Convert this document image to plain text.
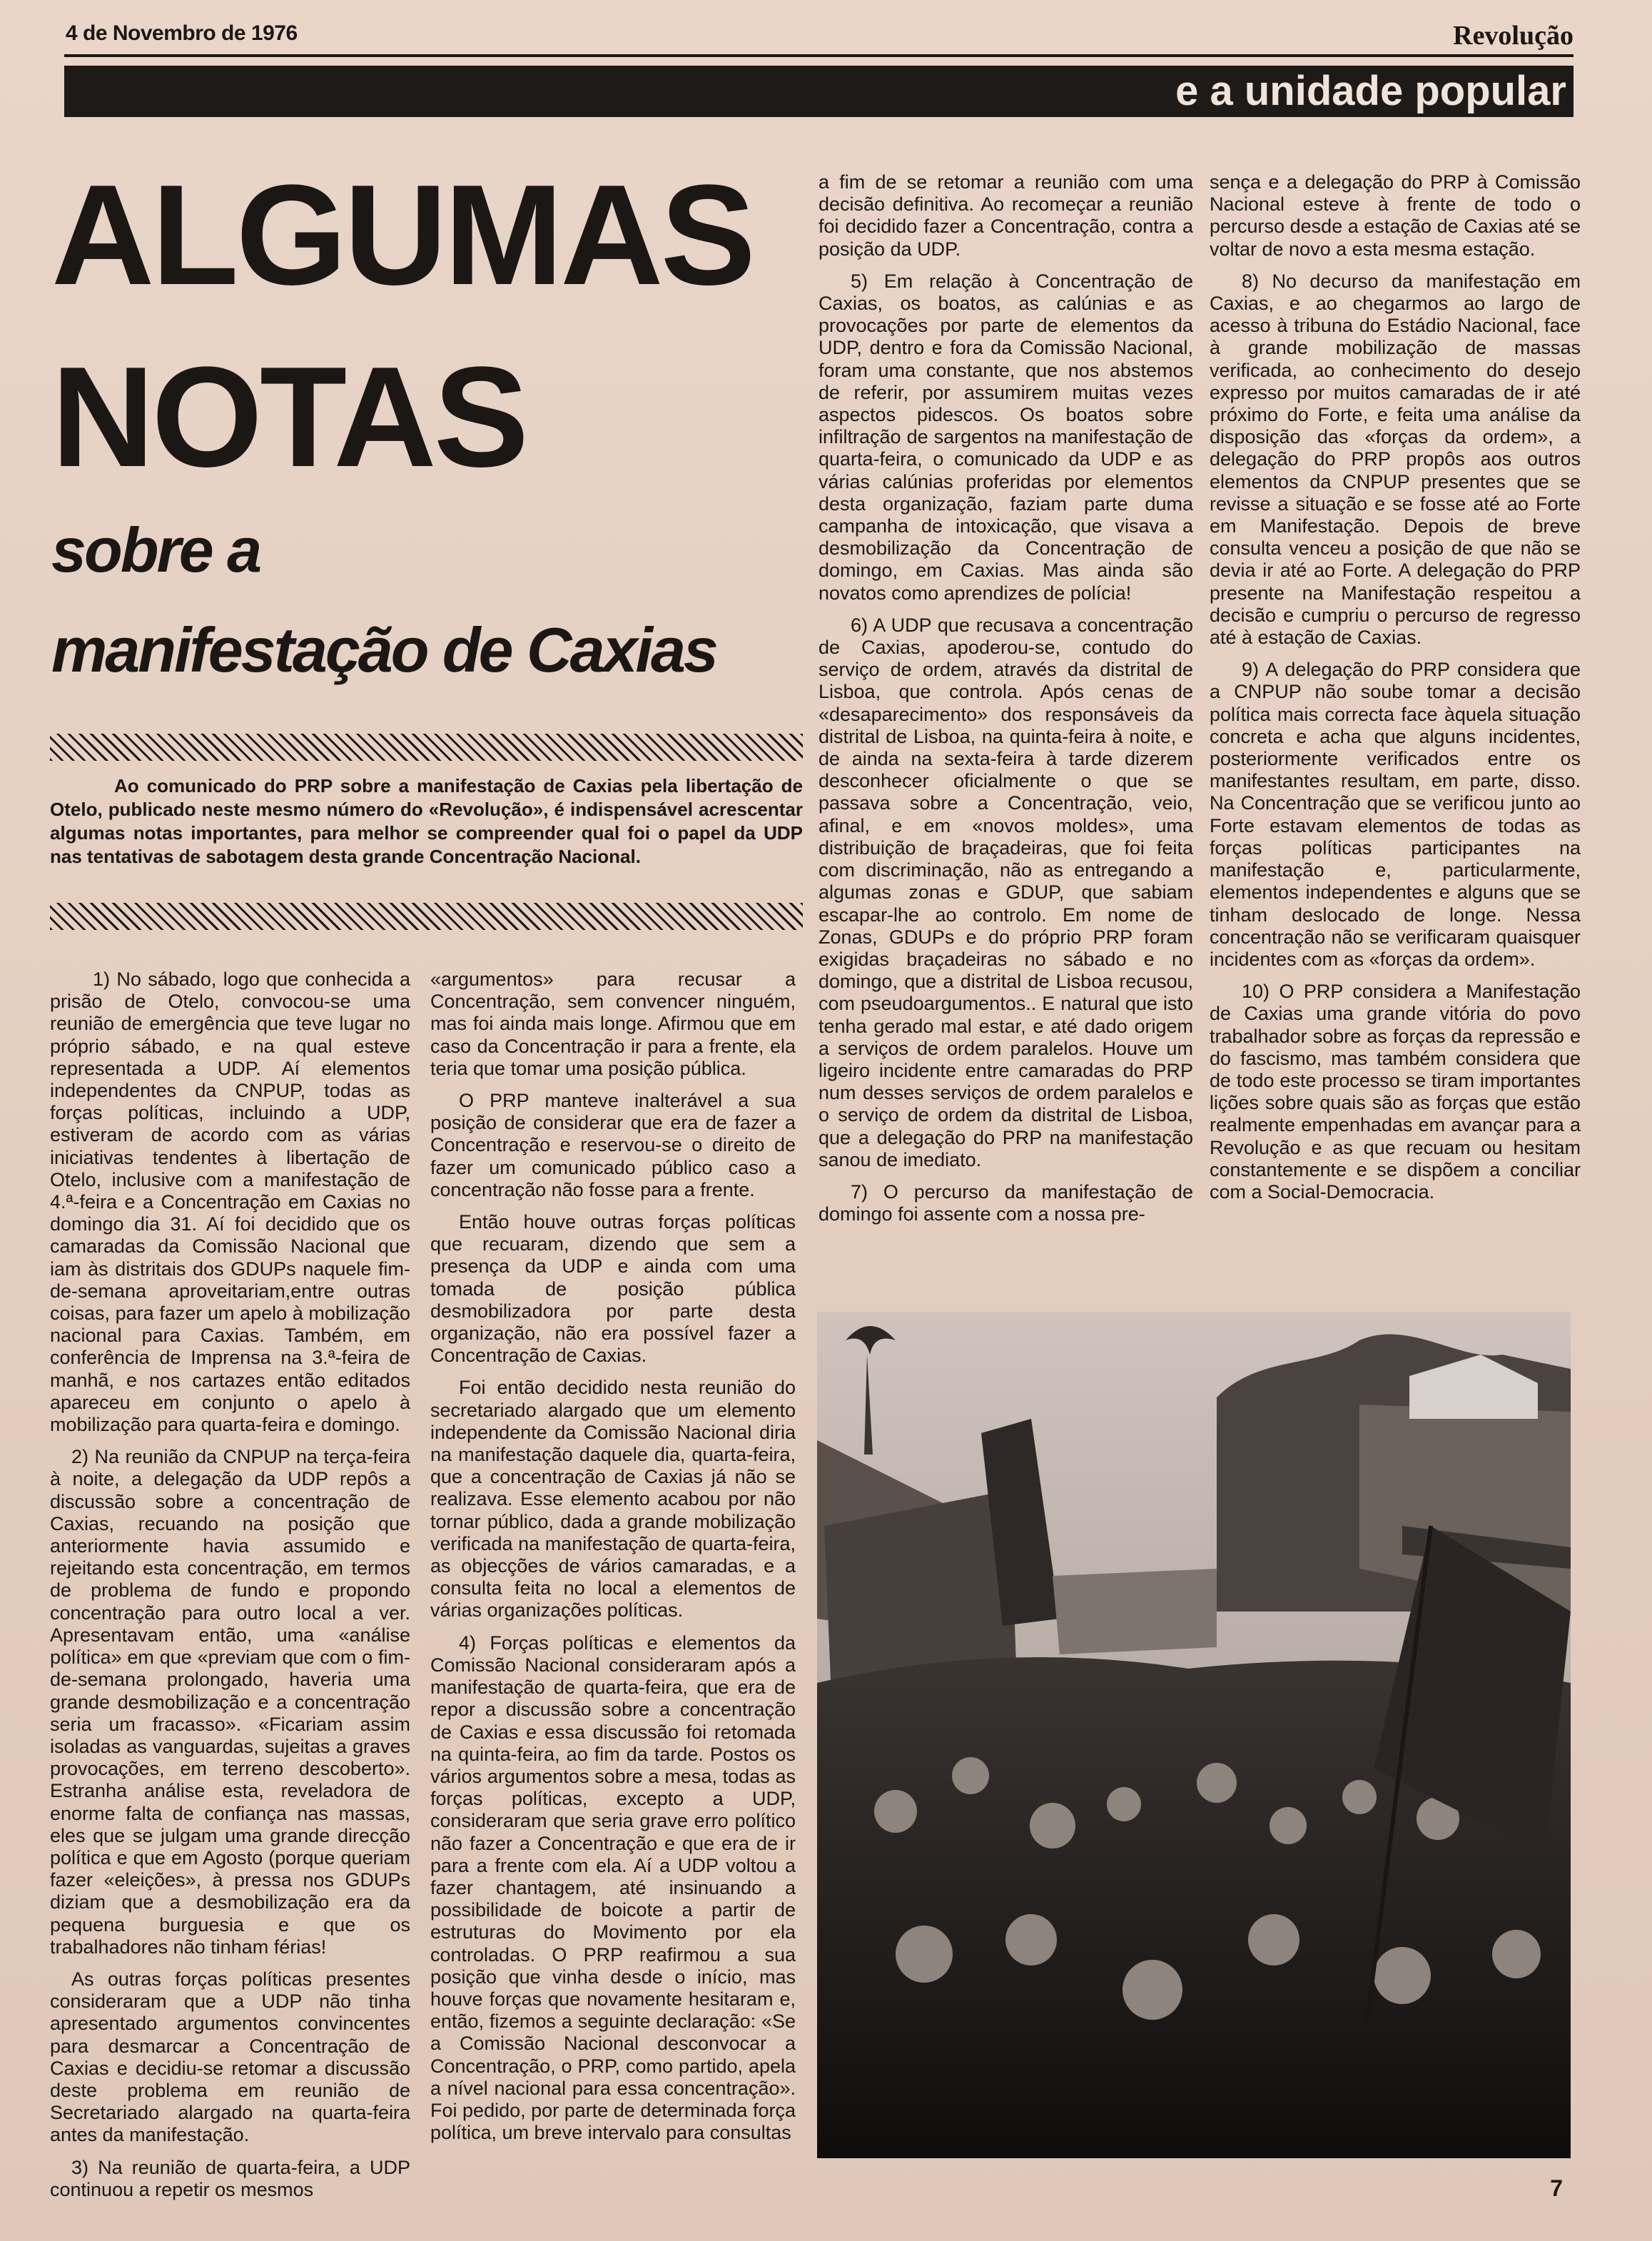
4 de Novembro de 1976	Revolução
e a unidade popular
ALGUMAS
NOTAS
sobre a
manifestação de Caxias

Ao comunicado do PRP sobre a manifestação de Caxias pela libertação de Otelo, publicado neste mesmo número do «Revolução», é indispensável acrescentar algumas notas importantes, para melhor se compreender qual foi o papel da UDP nas tentativas de sabotagem desta grande Concentração Nacional.

1) No sábado, logo que conhecida a prisão de Otelo, convocou-se uma reunião de emergência que teve lugar no próprio sábado, e na qual esteve representada a UDP. Aí elementos independentes da CNPUP, todas as forças políticas, incluindo a UDP, estiveram de acordo com as várias iniciativas tendentes à libertação de Otelo, inclusive com a manifestação de 4.ª-feira e a Concentração em Caxias no domingo dia 31. Aí foi decidido que os camaradas da Comissão Nacional que iam às distritais dos GDUPs naquele fim-de-semana aproveitariam,entre outras coisas, para fazer um apelo à mobilização nacional para Caxias. Também, em conferência de Imprensa na 3.ª-feira de manhã, e nos cartazes então editados apareceu em conjunto o apelo à mobilização para quarta-feira e domingo.

2) Na reunião da CNPUP na terça-feira à noite, a delegação da UDP repôs a discussão sobre a concentração de Caxias, recuando na posição que anteriormente havia assumido e rejeitando esta concentração, em termos de problema de fundo e propondo concentração para outro local a ver. Apresentavam então, uma «análise política» em que «previam que com o fim-de-semana prolongado, haveria uma grande desmobilização e a concentração seria um fracasso». «Ficariam assim isoladas as vanguardas, sujeitas a graves provocações, em terreno descoberto». Estranha análise esta, reveladora de enorme falta de confiança nas massas, eles que se julgam uma grande direcção política e que em Agosto (porque queriam fazer «eleições», à pressa nos GDUPs diziam que a desmobilização era da pequena burguesia e que os trabalhadores não tinham férias!

As outras forças políticas presentes consideraram que a UDP não tinha apresentado argumentos convincentes para desmarcar a Concentração de Caxias e decidiu-se retomar a discussão deste problema em reunião de Secretariado alargado na quarta-feira antes da manifestação.

3) Na reunião de quarta-feira, a UDP continuou a repetir os mesmos

«argumentos» para recusar a Concentração, sem convencer ninguém, mas foi ainda mais longe. Afirmou que em caso da Concentração ir para a frente, ela teria que tomar uma posição pública.

O PRP manteve inalterável a sua posição de considerar que era de fazer a Concentração e reservou-se o direito de fazer um comunicado público caso a concentração não fosse para a frente.

Então houve outras forças políticas que recuaram, dizendo que sem a presença da UDP e ainda com uma tomada de posição pública desmobilizadora por parte desta organização, não era possível fazer a Concentração de Caxias.

Foi então decidido nesta reunião do secretariado alargado que um elemento independente da Comissão Nacional diria na manifestação daquele dia, quarta-feira, que a concentração de Caxias já não se realizava. Esse elemento acabou por não tornar público, dada a grande mobilização verificada na manifestação de quarta-feira, as objecções de vários camaradas, e a consulta feita no local a elementos de várias organizações políticas.

4) Forças políticas e elementos da Comissão Nacional consideraram após a manifestação de quarta-feira, que era de repor a discussão sobre a concentração de Caxias e essa discussão foi retomada na quinta-feira, ao fim da tarde. Postos os vários argumentos sobre a mesa, todas as forças políticas, excepto a UDP, consideraram que seria grave erro político não fazer a Concentração e que era de ir para a frente com ela. Aí a UDP voltou a fazer chantagem, até insinuando a possibilidade de boicote a partir de estruturas do Movimento por ela controladas. O PRP reafirmou a sua posição que vinha desde o início, mas houve forças que novamente hesitaram e, então, fizemos a seguinte declaração: «Se a Comissão Nacional desconvocar a Concentração, o PRP, como partido, apela a nível nacional para essa concentração». Foi pedido, por parte de determinada força política, um breve intervalo para consultas

a fim de se retomar a reunião com uma decisão definitiva. Ao recomeçar a reunião foi decidido fazer a Concentração, contra a posição da UDP.

5) Em relação à Concentração de Caxias, os boatos, as calúnias e as provocações por parte de elementos da UDP, dentro e fora da Comissão Nacional, foram uma constante, que nos abstemos de referir, por assumirem muitas vezes aspectos pidescos. Os boatos sobre infiltração de sargentos na manifestação de quarta-feira, o comunicado da UDP e as várias calúnias proferidas por elementos desta organização, faziam parte duma campanha de intoxicação, que visava a desmobilização da Concentração de domingo, em Caxias. Mas ainda são novatos como aprendizes de polícia!

6) A UDP que recusava a concentração de Caxias, apoderou-se, contudo do serviço de ordem, através da distrital de Lisboa, que controla. Após cenas de «desaparecimento» dos responsáveis da distrital de Lisboa, na quinta-feira à noite, e de ainda na sexta-feira à tarde dizerem desconhecer oficialmente o que se passava sobre a Concentração, veio, afinal, e em «novos moldes», uma distribuição de braçadeiras, que foi feita com discriminação, não as entregando a algumas zonas e GDUP, que sabiam escapar-lhe ao controlo. Em nome de Zonas, GDUPs e do próprio PRP foram exigidas braçadeiras no sábado e no domingo, que a distrital de Lisboa recusou, com pseudoargumentos.. E natural que isto tenha gerado mal estar, e até dado origem a serviços de ordem paralelos. Houve um ligeiro incidente entre camaradas do PRP num desses serviços de ordem paralelos e o serviço de ordem da distrital de Lisboa, que a delegação do PRP na manifestação sanou de imediato.

7) O percurso da manifestação de domingo foi assente com a nossa pre-

sença e a delegação do PRP à Comissão Nacional esteve à frente de todo o percurso desde a estação de Caxias até se voltar de novo a esta mesma estação.

8) No decurso da manifestação em Caxias, e ao chegarmos ao largo de acesso à tribuna do Estádio Nacional, face à grande mobilização de massas verificada, ao conhecimento do desejo expresso por muitos camaradas de ir até próximo do Forte, e feita uma análise da disposição das «forças da ordem», a delegação do PRP propôs aos outros elementos da CNPUP presentes que se revisse a situação e se fosse até ao Forte em Manifestação. Depois de breve consulta venceu a posição de que não se devia ir até ao Forte. A delegação do PRP presente na Manifestação respeitou a decisão e cumpriu o percurso de regresso até à estação de Caxias.

9) A delegação do PRP considera que a CNPUP não soube tomar a decisão política mais correcta face àquela situação concreta e acha que alguns incidentes, posteriormente verificados entre os manifestantes resultam, em parte, disso. Na Concentração que se verificou junto ao Forte estavam elementos de todas as forças políticas participantes na manifestação e, particularmente, elementos independentes e alguns que se tinham deslocado de longe. Nessa concentração não se verificaram quaisquer incidentes com as «forças da ordem».

10) O PRP considera a Manifestação de Caxias uma grande vitória do povo trabalhador sobre as forças da repressão e do fascismo, mas também considera que de todo este processo se tiram importantes lições sobre quais são as forças que estão realmente empenhadas em avançar para a Revolução e as que recuam ou hesitam constantemente e se dispõem a conciliar com a Social-Democracia.

7
